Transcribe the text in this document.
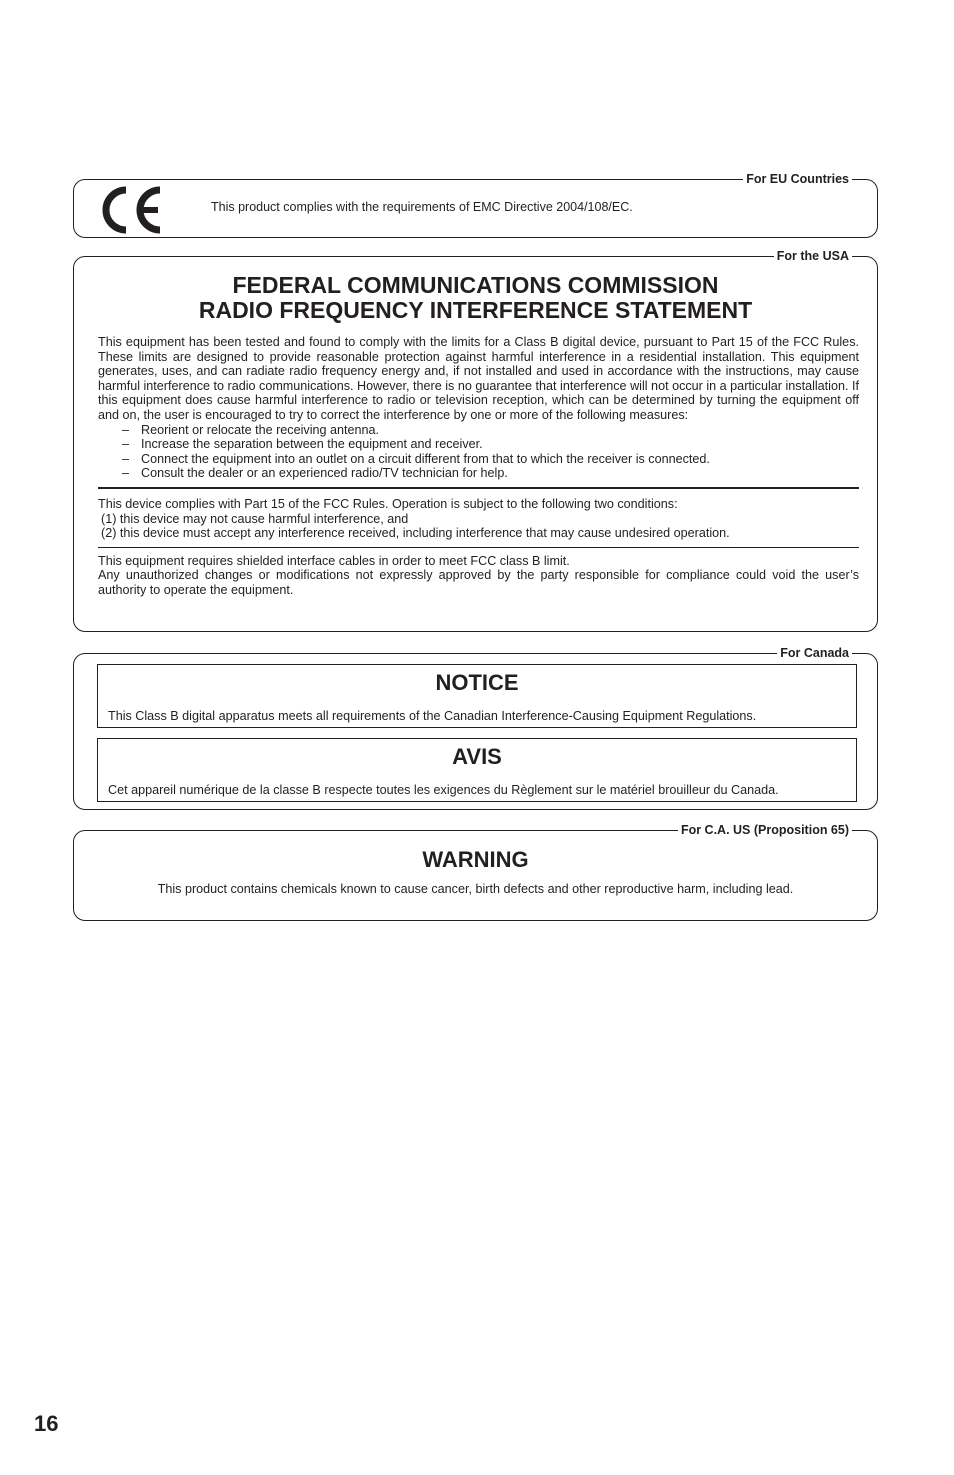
For EU Countries
This product complies with the requirements of EMC Directive 2004/108/EC.
For the USA
FEDERAL COMMUNICATIONS COMMISSION
RADIO FREQUENCY INTERFERENCE STATEMENT

This equipment has been tested and found to comply with the limits for a Class B digital device, pursuant to Part 15 of the FCC Rules. These limits are designed to provide reasonable protection against harmful interference in a residential installation. This equipment generates, uses, and can radiate radio frequency energy and, if not installed and used in accordance with the instructions, may cause harmful interference to radio communications. However, there is no guarantee that interference will not occur in a particular installation. If this equipment does cause harmful interference to radio or television reception, which can be determined by turning the equipment off and on, the user is encouraged to try to correct the interference by one or more of the following measures:

– Reorient or relocate the receiving antenna.
– Increase the separation between the equipment and receiver.
– Connect the equipment into an outlet on a circuit different from that to which the receiver is connected.
– Consult the dealer or an experienced radio/TV technician for help.
This device complies with Part 15 of the FCC Rules. Operation is subject to the following two conditions:
(1) this device may not cause harmful interference, and
(2) this device must accept any interference received, including interference that may cause undesired operation.
This equipment requires shielded interface cables in order to meet FCC class B limit.

Any unauthorized changes or modifications not expressly approved by the party responsible for compliance could void the user’s authority to operate the equipment.

For Canada
NOTICE
This Class B digital apparatus meets all requirements of the Canadian Interference-Causing Equipment Regulations.
AVIS
Cet appareil numérique de la classe B respecte toutes les exigences du Règlement sur le matériel brouilleur du Canada.
For C.A. US (Proposition 65)
WARNING
This product contains chemicals known to cause cancer, birth defects and other reproductive harm, including lead.
16
